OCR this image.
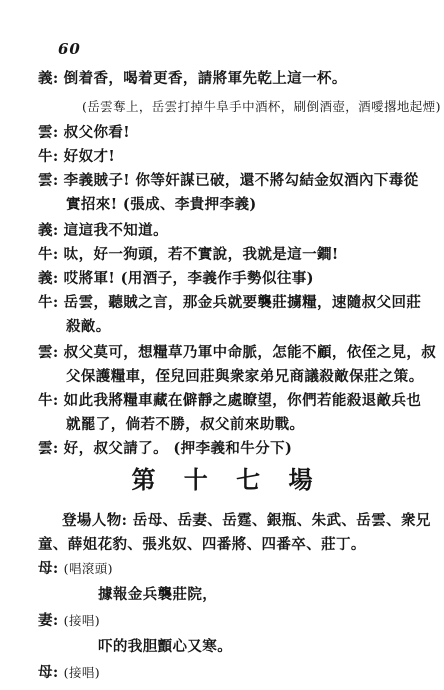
60
義: 倒着香，喝着更香，請將軍先乾上這一杯。
(岳雲奪上，岳雲打掉牛阜手中酒杯，刷倒酒壺，酒噯撂地起煙)
雲: 叔父你看!
牛: 好奴才!
雲: 李義賊子! 你等奸謀已破，還不將勾結金奴酒內下毒從
實招來! (張成、李貴押李義)
義: 這這我不知道。
牛: 呔，好一狗頭，若不實說，我就是這一鐧!
義: 哎將軍! (用酒子，李義作手勢似往事)
牛: 岳雲，聽賊之言，那金兵就要襲莊擄糧，速隨叔父回莊
殺敵。
雲: 叔父莫可，想糧草乃軍中命脈，怎能不顧，依侄之見，叔
父保護糧車，侄兒回莊與衆家弟兄商議殺敵保莊之策。
牛: 如此我將糧車藏在僻靜之處瞭望，你們若能殺退敵兵也
就罷了，倘若不勝，叔父前來助戰。
雲: 好，叔父請了。 (押李義和牛分下)
第 十 七 場
登場人物: 岳母、岳妻、岳霆、銀瓶、朱武、岳雲、衆兄
童、薛姐花豹、張兆奴、四番將、四番卒、莊丁。
母: (唱滾頭)
據報金兵襲莊院，
妻: (接唱)
吓的我胆顫心又寒。
母: (接唱)
